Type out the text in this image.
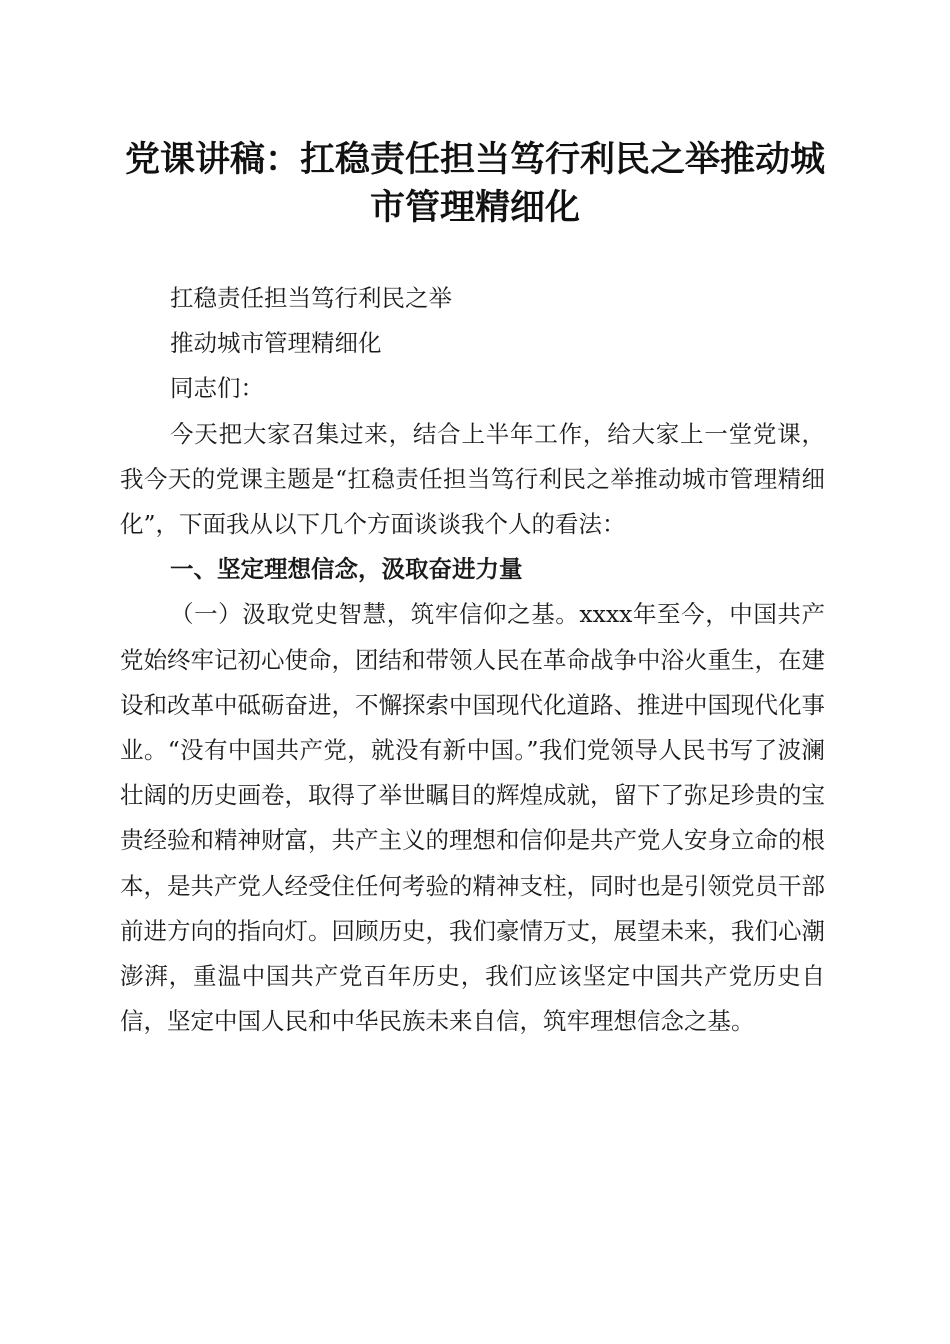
党课讲稿：扛稳责任担当笃行利民之举推动城市管理精细化

扛稳责任担当笃行利民之举

推动城市管理精细化

同志们：

今天把大家召集过来，结合上半年工作，给大家上一堂党课，我今天的党课主题是“扛稳责任担当笃行利民之举推动城市管理精细化”，下面我从以下几个方面谈谈我个人的看法：

一、坚定理想信念，汲取奋进力量

（一）汲取党史智慧，筑牢信仰之基。xxxx年至今，中国共产党始终牢记初心使命，团结和带领人民在革命战争中浴火重生，在建设和改革中砥砺奋进，不懈探索中国现代化道路、推进中国现代化事业。“没有中国共产党，就没有新中国。”我们党领导人民书写了波澜壮阔的历史画卷，取得了举世瞩目的辉煌成就，留下了弥足珍贵的宝贵经验和精神财富，共产主义的理想和信仰是共产党人安身立命的根本，是共产党人经受住任何考验的精神支柱，同时也是引领党员干部前进方向的指向灯。回顾历史，我们豪情万丈，展望未来，我们心潮澎湃，重温中国共产党百年历史，我们应该坚定中国共产党历史自信，坚定中国人民和中华民族未来自信，筑牢理想信念之基。
